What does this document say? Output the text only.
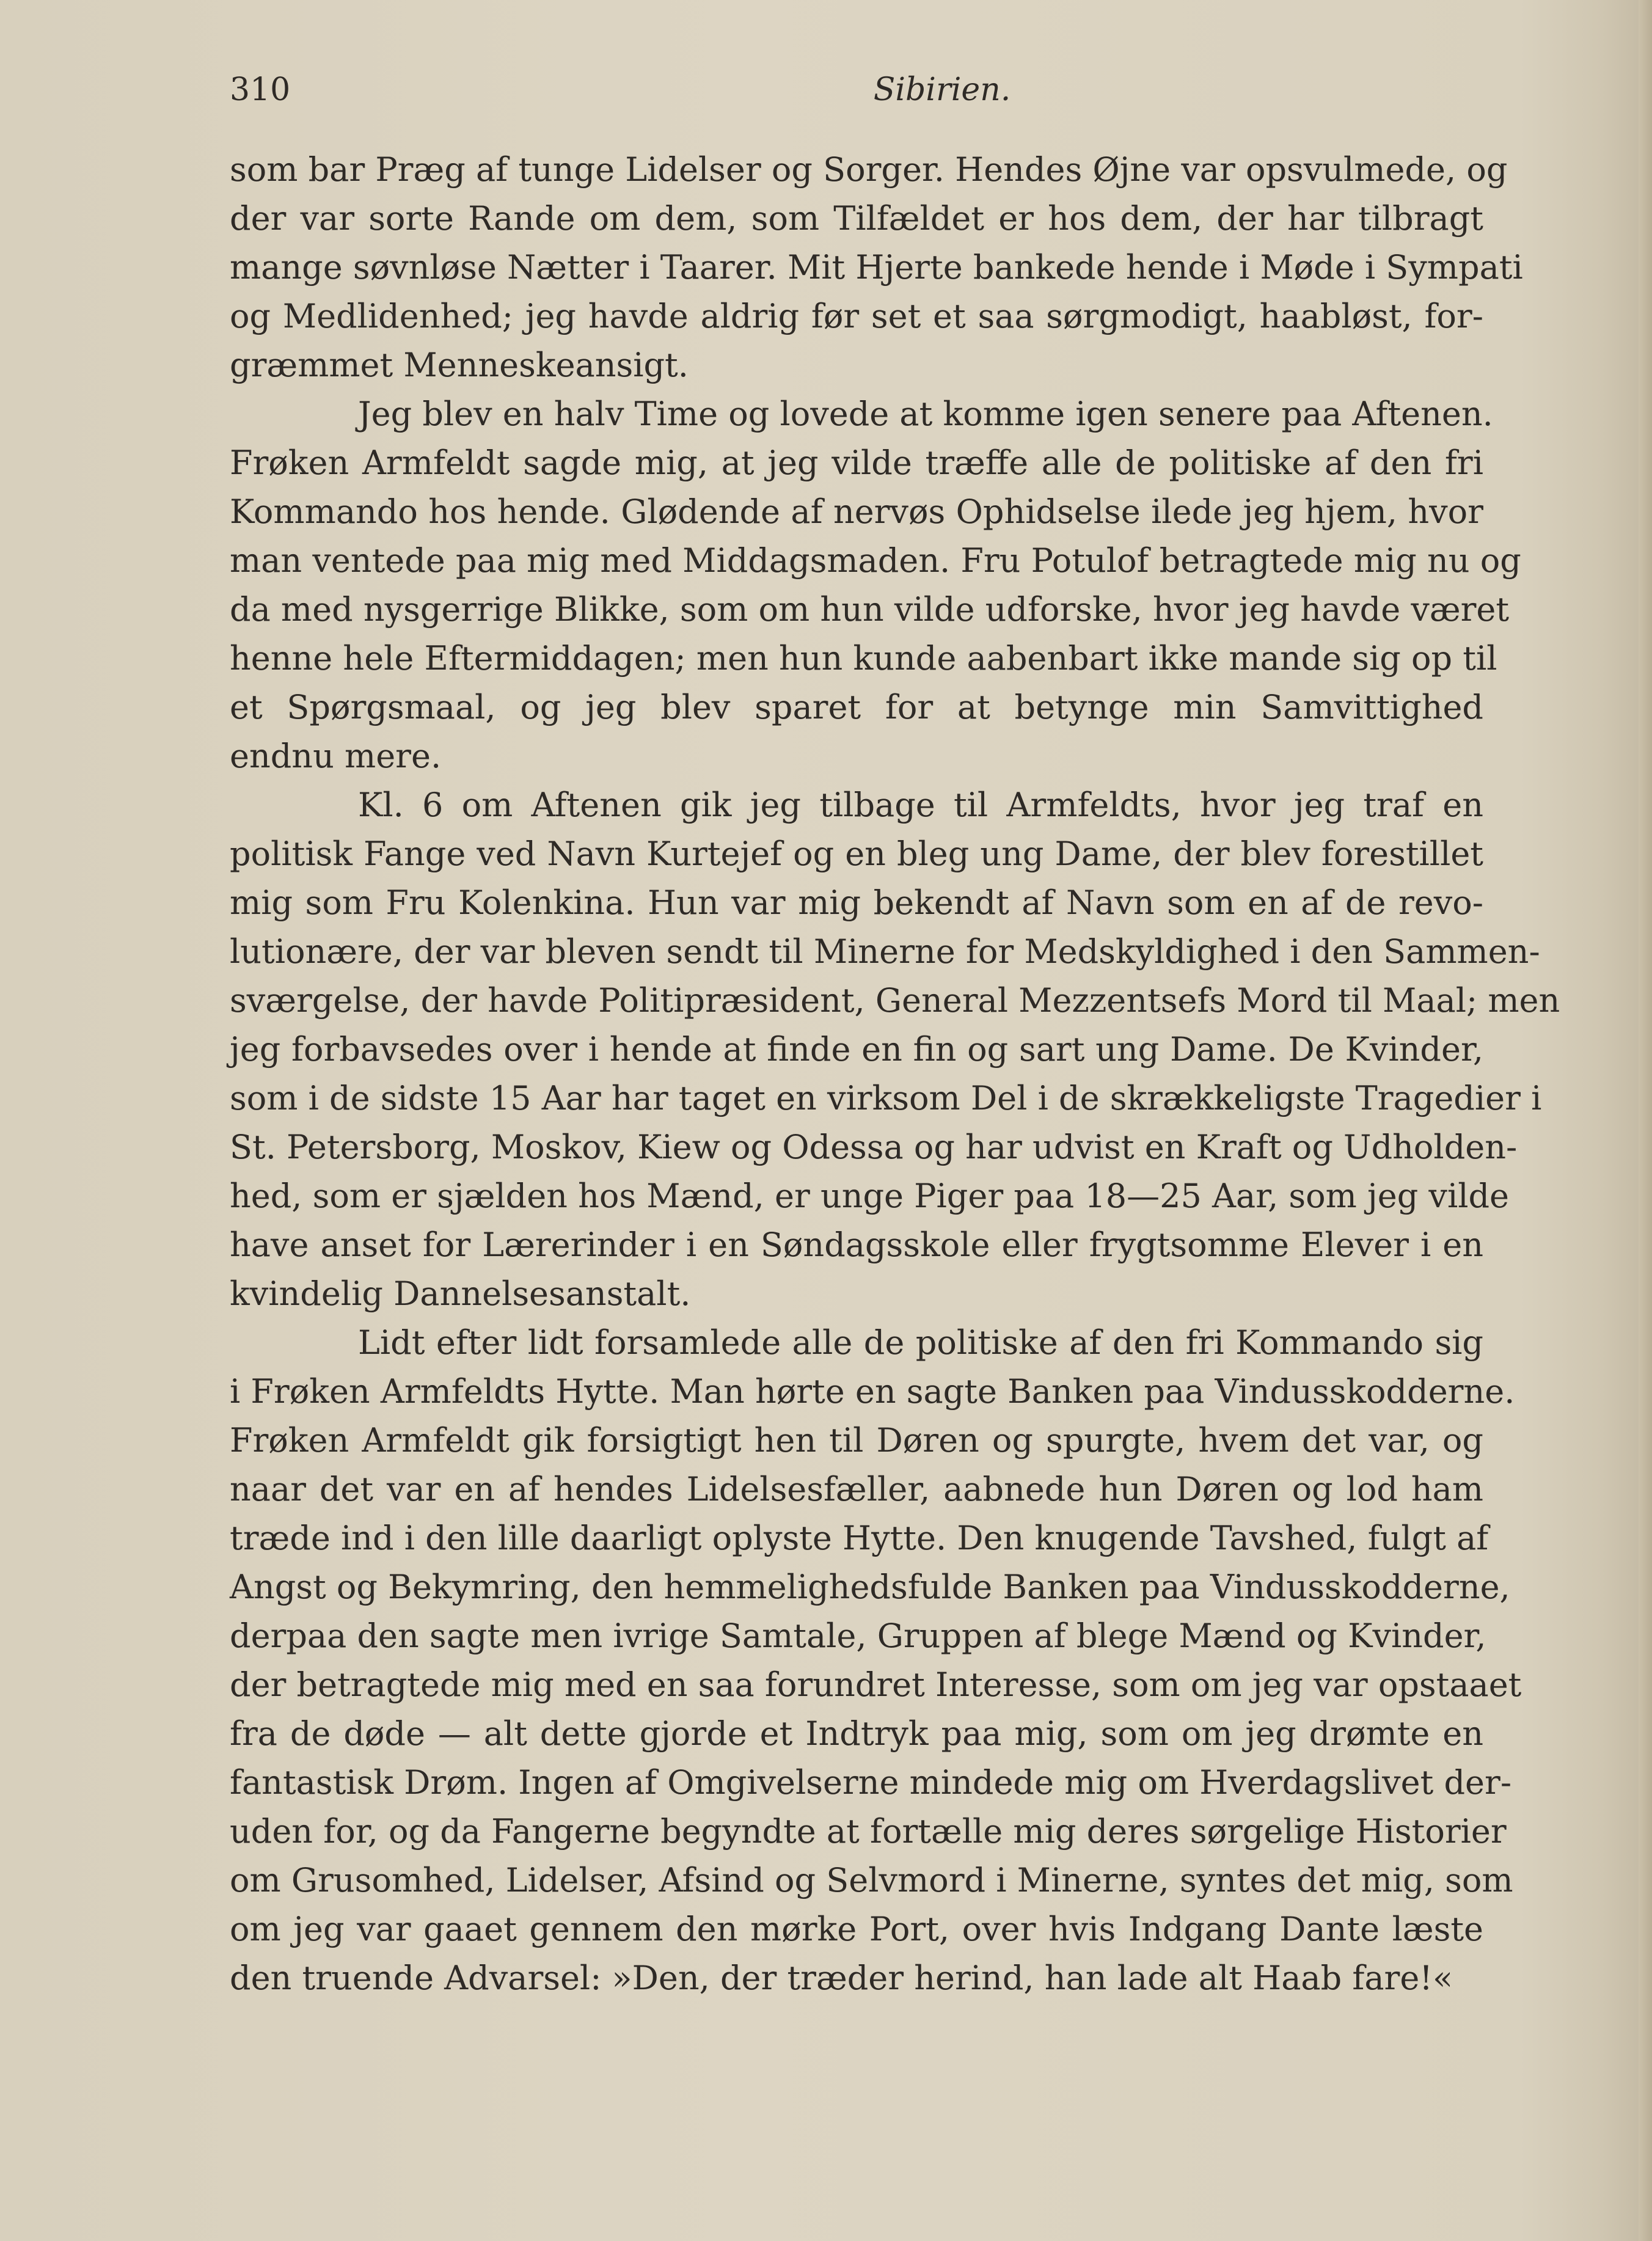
310	Sibirien.
som bar Præg af tunge Lidelser og Sorger. Hendes Øjne var opsvulmede, og
der var sorte Rande om dem, som Tilfældet er hos dem, der har tilbragt
mange søvnløse Nætter i Taarer. Mit Hjerte bankede hende i Møde i Sympati
og Medlidenhed; jeg havde aldrig før set et saa sørgmodigt, haabløst, for-
græmmet Menneskeansigt.
Jeg blev en halv Time og lovede at komme igen senere paa Aftenen.
Frøken Armfeldt sagde mig, at jeg vilde træffe alle de politiske af den fri
Kommando hos hende. Glødende af nervøs Ophidselse ilede jeg hjem, hvor
man ventede paa mig med Middagsmaden. Fru Potulof betragtede mig nu og
da med nysgerrige Blikke, som om hun vilde udforske, hvor jeg havde været
henne hele Eftermiddagen; men hun kunde aabenbart ikke mande sig op til
et Spørgsmaal, og jeg blev sparet for at betynge min Samvittighed
endnu mere.
Kl. 6 om Aftenen gik jeg tilbage til Armfeldts, hvor jeg traf en
politisk Fange ved Navn Kurtejef og en bleg ung Dame, der blev forestillet
mig som Fru Kolenkina. Hun var mig bekendt af Navn som en af de revo-
lutionære, der var bleven sendt til Minerne for Medskyldighed i den Sammen-
sværgelse, der havde Politipræsident, General Mezzentsefs Mord til Maal; men
jeg forbavsedes over i hende at finde en fin og sart ung Dame. De Kvinder,
som i de sidste 15 Aar har taget en virksom Del i de skrækkeligste Tragedier i
St. Petersborg, Moskov, Kiew og Odessa og har udvist en Kraft og Udholden-
hed, som er sjælden hos Mænd, er unge Piger paa 18—25 Aar, som jeg vilde
have anset for Lærerinder i en Søndagsskole eller frygtsomme Elever i en
kvindelig Dannelsesanstalt.
Lidt efter lidt forsamlede alle de politiske af den fri Kommando sig
i Frøken Armfeldts Hytte. Man hørte en sagte Banken paa Vindusskodderne.
Frøken Armfeldt gik forsigtigt hen til Døren og spurgte, hvem det var, og
naar det var en af hendes Lidelsesfæller, aabnede hun Døren og lod ham
træde ind i den lille daarligt oplyste Hytte. Den knugende Tavshed, fulgt af
Angst og Bekymring, den hemmelighedsfulde Banken paa Vindusskodderne,
derpaa den sagte men ivrige Samtale, Gruppen af blege Mænd og Kvinder,
der betragtede mig med en saa forundret Interesse, som om jeg var opstaaet
fra de døde — alt dette gjorde et Indtryk paa mig, som om jeg drømte en
fantastisk Drøm. Ingen af Omgivelserne mindede mig om Hverdagslivet der-
uden for, og da Fangerne begyndte at fortælle mig deres sørgelige Historier
om Grusomhed, Lidelser, Afsind og Selvmord i Minerne, syntes det mig, som
om jeg var gaaet gennem den mørke Port, over hvis Indgang Dante læste
den truende Advarsel: »Den, der træder herind, han lade alt Haab fare!«
